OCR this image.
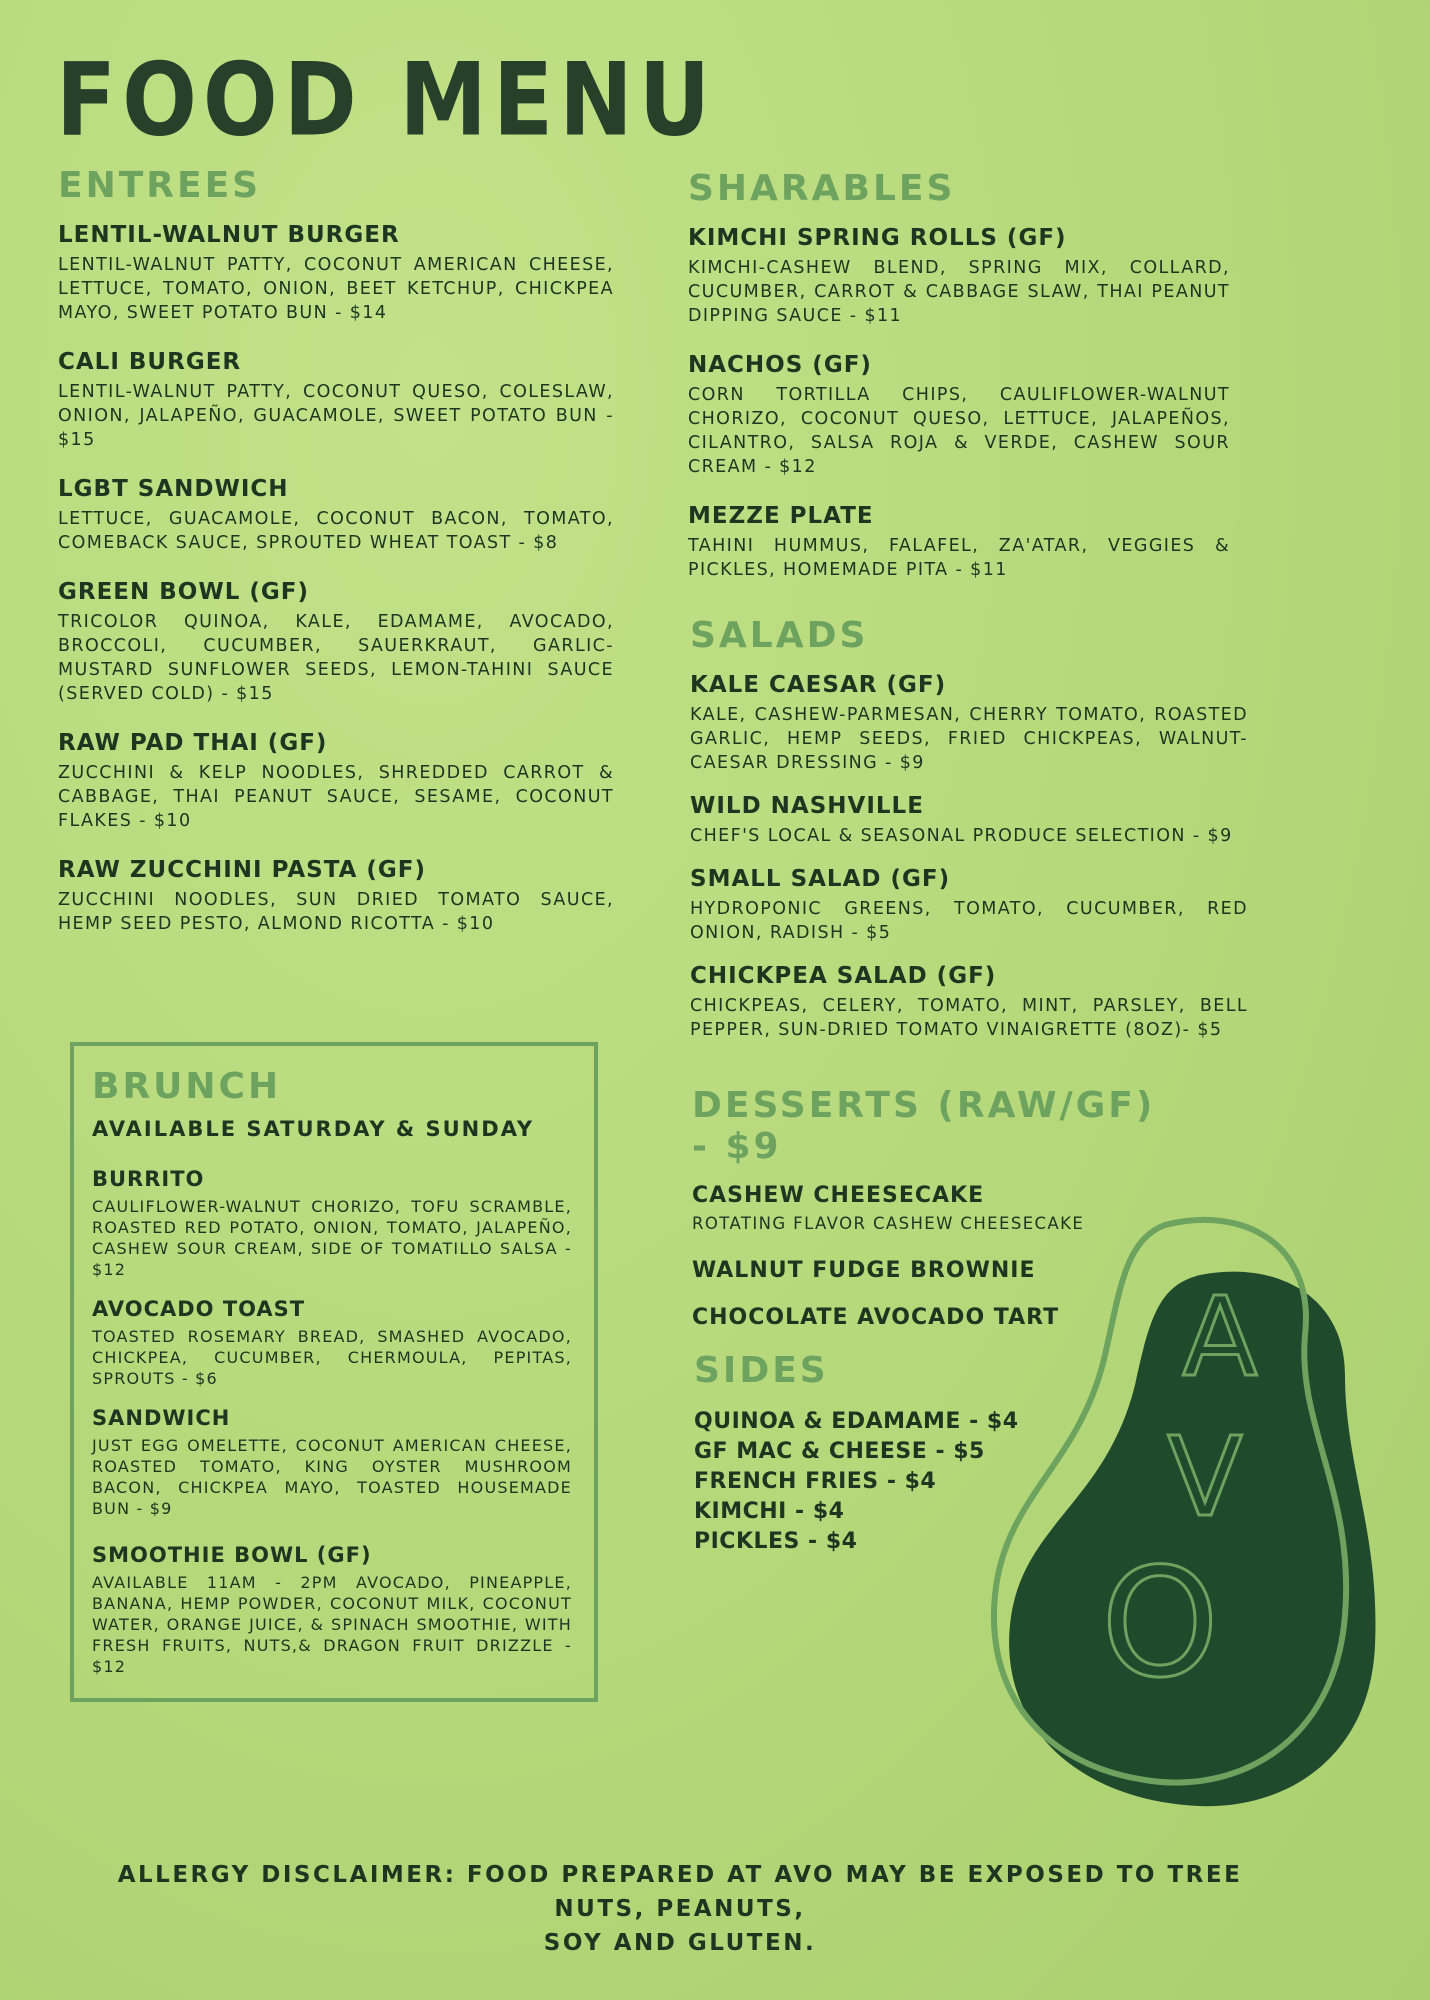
FOOD MENU
ENTREES

LENTIL-WALNUT BURGER

LENTIL-WALNUT PATTY, COCONUT AMERICAN CHEESE, LETTUCE, TOMATO, ONION, BEET KETCHUP, CHICKPEA MAYO, SWEET POTATO BUN - $14

CALI BURGER

LENTIL-WALNUT PATTY, COCONUT QUESO, COLESLAW, ONION, JALAPEÑO, GUACAMOLE, SWEET POTATO BUN - $15

LGBT SANDWICH

LETTUCE, GUACAMOLE, COCONUT BACON, TOMATO, COMEBACK SAUCE, SPROUTED WHEAT TOAST - $8

GREEN BOWL (GF)

TRICOLOR QUINOA, KALE, EDAMAME, AVOCADO, BROCCOLI, CUCUMBER, SAUERKRAUT, GARLIC-MUSTARD SUNFLOWER SEEDS, LEMON-TAHINI SAUCE (SERVED COLD) - $15

RAW PAD THAI (GF)

ZUCCHINI & KELP NOODLES, SHREDDED CARROT & CABBAGE, THAI PEANUT SAUCE, SESAME, COCONUT FLAKES - $10

RAW ZUCCHINI PASTA (GF)

ZUCCHINI NOODLES, SUN DRIED TOMATO SAUCE, HEMP SEED PESTO, ALMOND RICOTTA - $10

BRUNCH

AVAILABLE SATURDAY & SUNDAY

BURRITO

CAULIFLOWER-WALNUT CHORIZO, TOFU SCRAMBLE, ROASTED RED POTATO, ONION, TOMATO, JALAPEÑO, CASHEW SOUR CREAM, SIDE OF TOMATILLO SALSA - $12

AVOCADO TOAST

TOASTED ROSEMARY BREAD, SMASHED AVOCADO, CHICKPEA, CUCUMBER, CHERMOULA, PEPITAS, SPROUTS - $6

SANDWICH

JUST EGG OMELETTE, COCONUT AMERICAN CHEESE, ROASTED TOMATO, KING OYSTER MUSHROOM BACON, CHICKPEA MAYO, TOASTED HOUSEMADE BUN - $9

SMOOTHIE BOWL (GF)

AVAILABLE 11AM - 2PM AVOCADO, PINEAPPLE, BANANA, HEMP POWDER, COCONUT MILK, COCONUT WATER, ORANGE JUICE, & SPINACH SMOOTHIE, WITH FRESH FRUITS, NUTS,& DRAGON FRUIT DRIZZLE - $12

SHARABLES

KIMCHI SPRING ROLLS (GF)

KIMCHI-CASHEW BLEND, SPRING MIX, COLLARD, CUCUMBER, CARROT & CABBAGE SLAW, THAI PEANUT DIPPING SAUCE - $11

NACHOS (GF)

CORN TORTILLA CHIPS, CAULIFLOWER-WALNUT CHORIZO, COCONUT QUESO, LETTUCE, JALAPEÑOS, CILANTRO, SALSA ROJA & VERDE, CASHEW SOUR CREAM - $12

MEZZE PLATE

TAHINI HUMMUS, FALAFEL, ZA'ATAR, VEGGIES & PICKLES, HOMEMADE PITA - $11

SALADS

KALE CAESAR (GF)

KALE, CASHEW-PARMESAN, CHERRY TOMATO, ROASTED GARLIC, HEMP SEEDS, FRIED CHICKPEAS, WALNUT-CAESAR DRESSING - $9

WILD NASHVILLE

CHEF'S LOCAL & SEASONAL PRODUCE SELECTION - $9

SMALL SALAD (GF)

HYDROPONIC GREENS, TOMATO, CUCUMBER, RED ONION, RADISH - $5

CHICKPEA SALAD (GF)

CHICKPEAS, CELERY, TOMATO, MINT, PARSLEY, BELL PEPPER, SUN-DRIED TOMATO VINAIGRETTE (8OZ)- $5

DESSERTS (RAW/GF) - $9

CASHEW CHEESECAKE

ROTATING FLAVOR CASHEW CHEESECAKE

WALNUT FUDGE BROWNIE

CHOCOLATE AVOCADO TART

SIDES

QUINOA & EDAMAME - $4

GF MAC & CHEESE - $5

FRENCH FRIES - $4

KIMCHI - $4

PICKLES - $4

A
V
O
ALLERGY DISCLAIMER: FOOD PREPARED AT AVO MAY BE EXPOSED TO TREE NUTS, PEANUTS,
SOY AND GLUTEN.
